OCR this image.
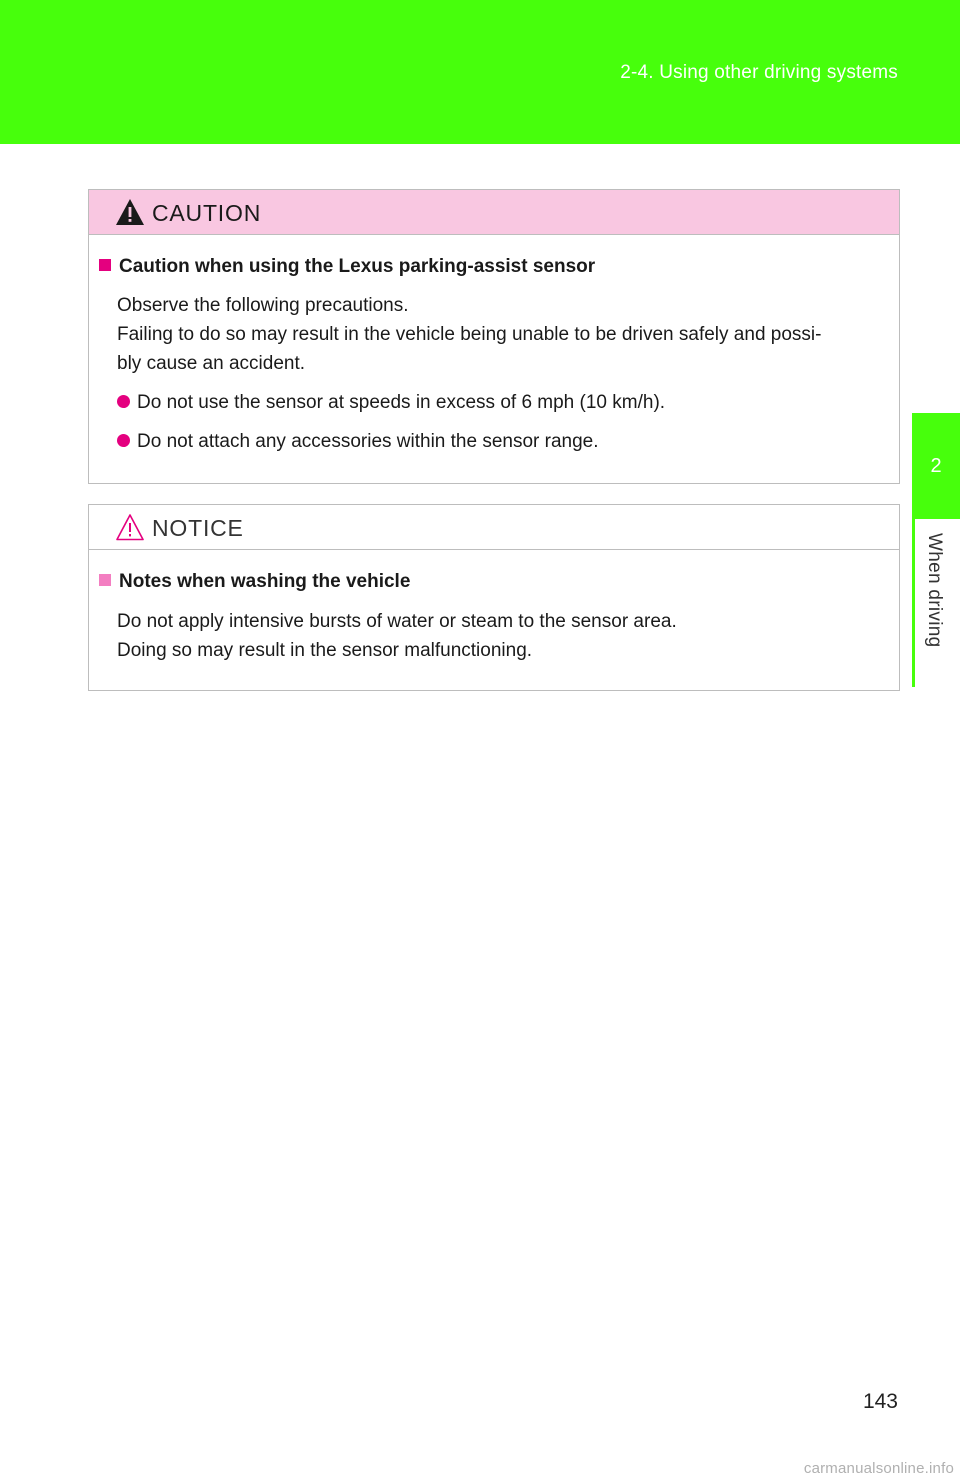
2-4. Using other driving systems
2
When driving
CAUTION
Caution when using the Lexus parking-assist sensor
Observe the following precautions.
Failing to do so may result in the vehicle being unable to be driven safely and possi-
bly cause an accident.
Do not use the sensor at speeds in excess of 6 mph (10 km/h).
Do not attach any accessories within the sensor range.
NOTICE
Notes when washing the vehicle
Do not apply intensive bursts of water or steam to the sensor area.
Doing so may result in the sensor malfunctioning.
143
carmanualsonline.info
